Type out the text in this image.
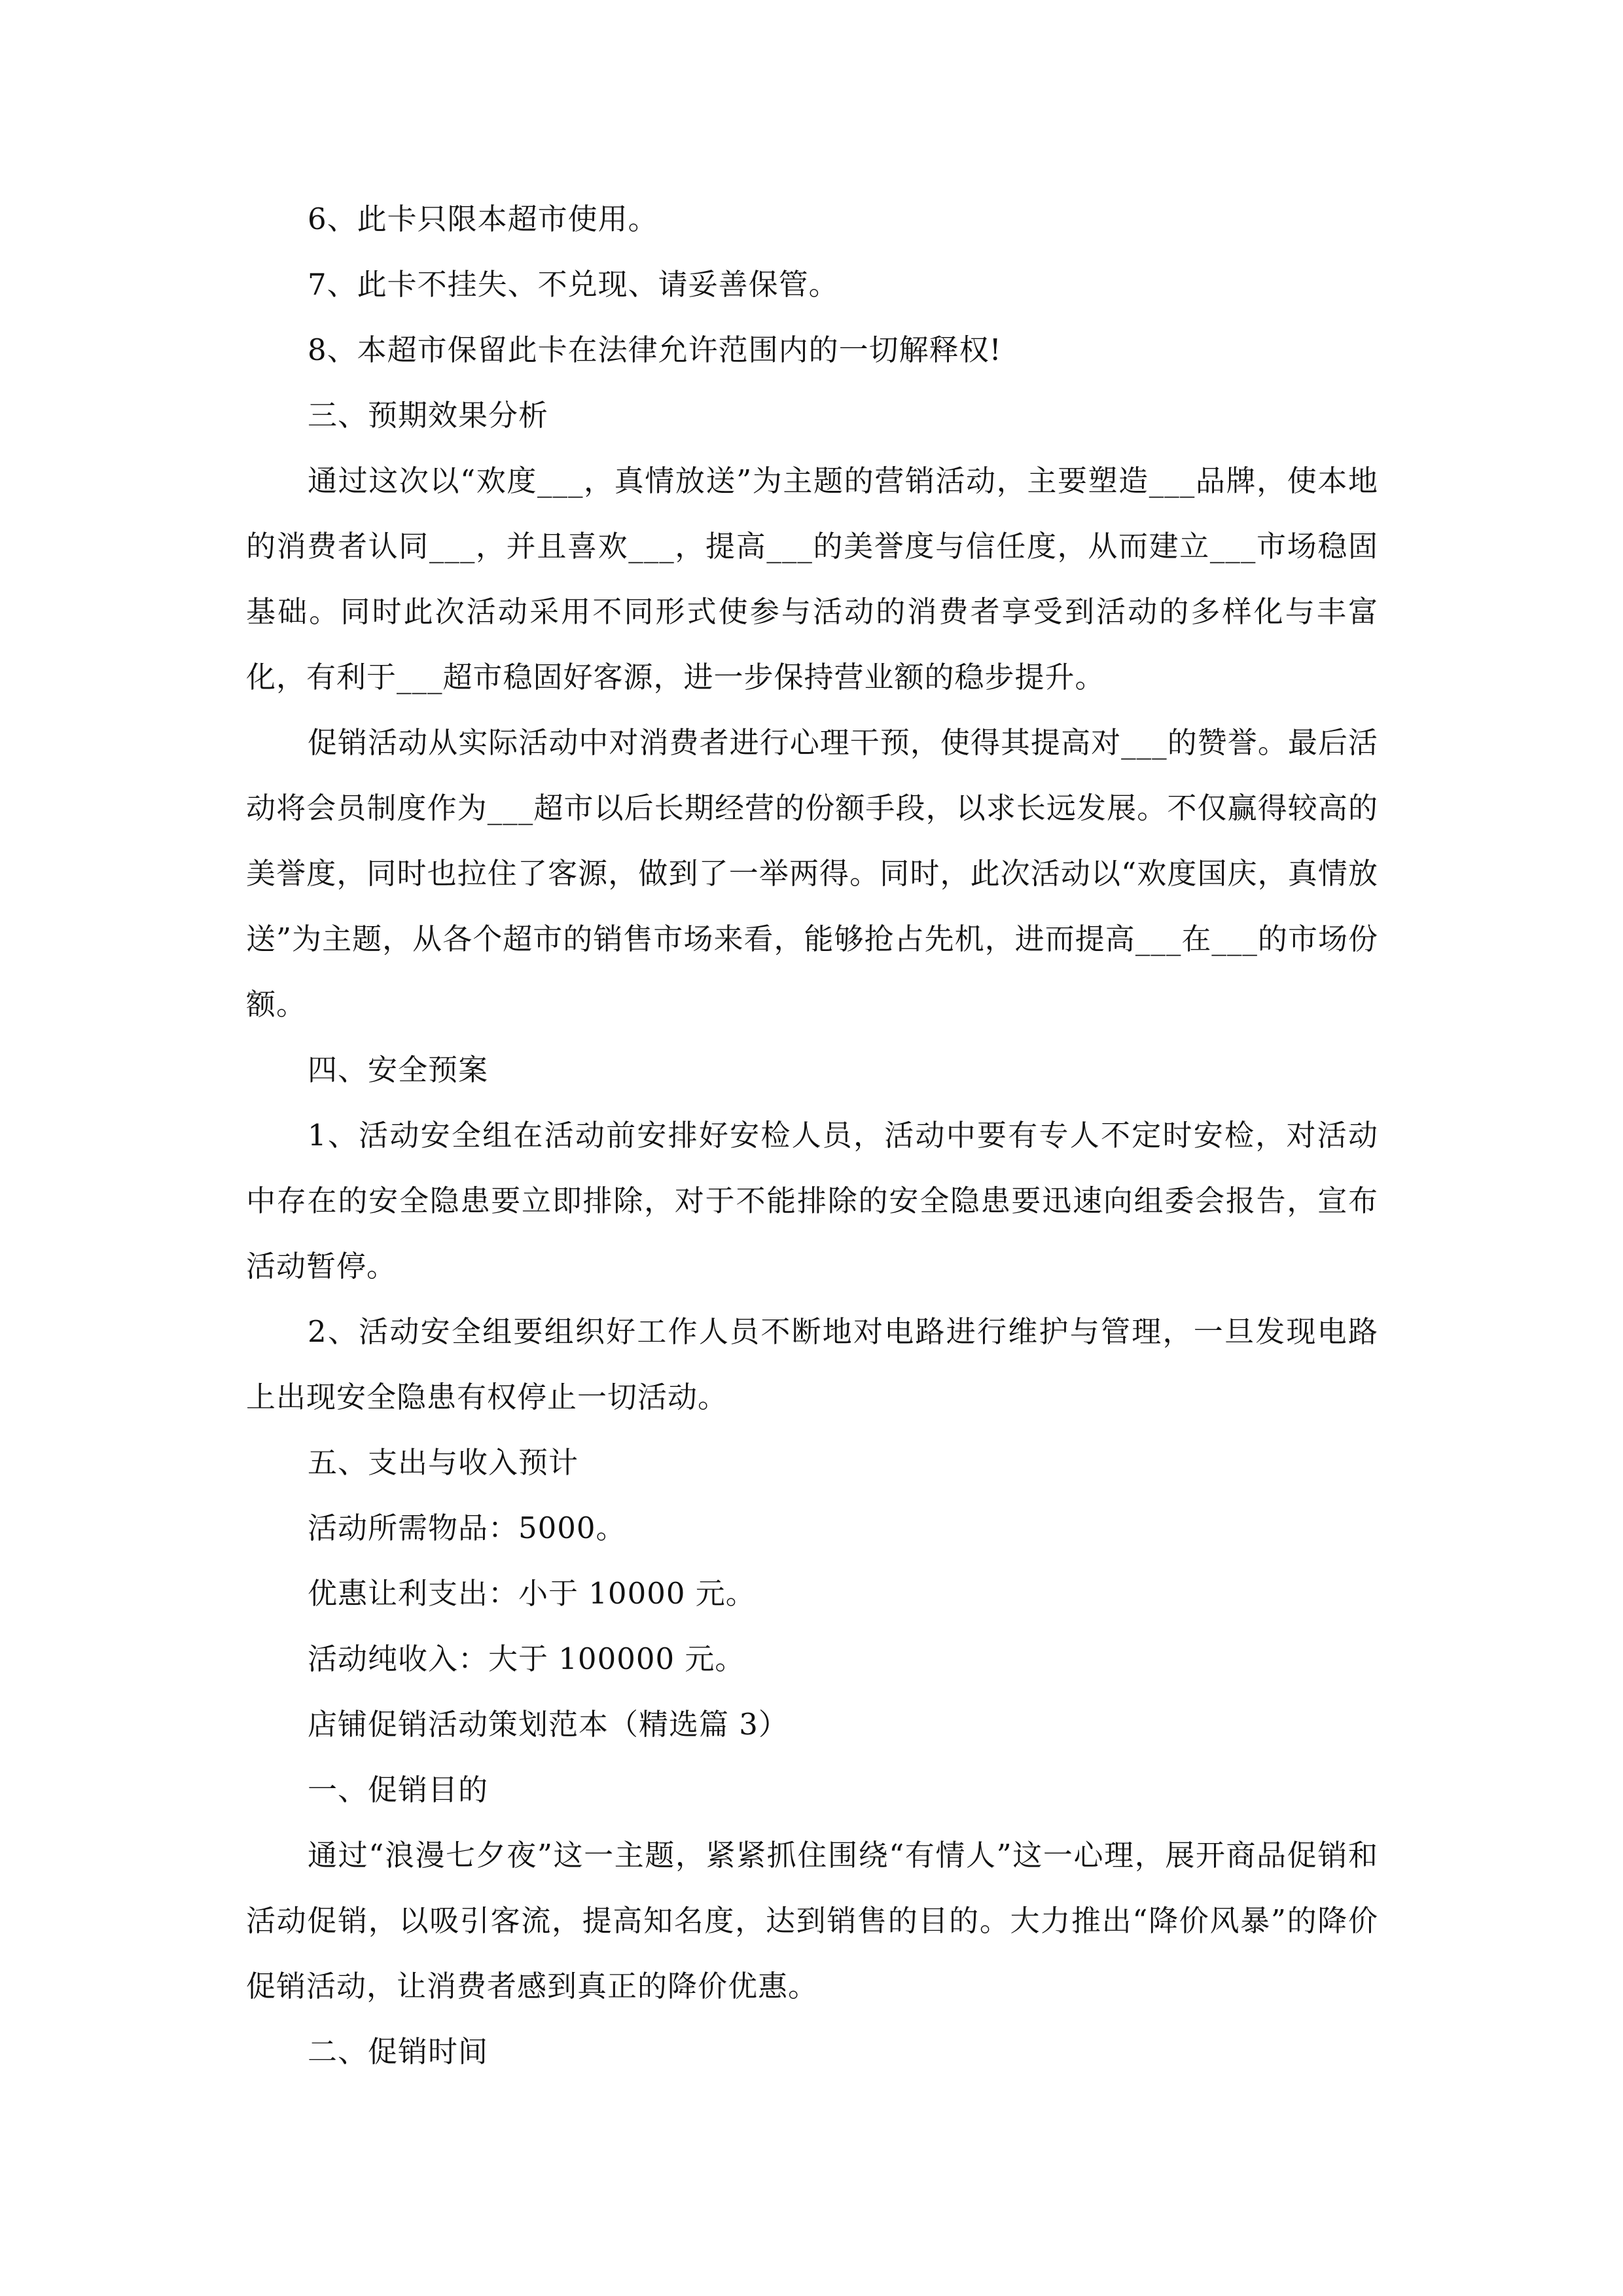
6、此卡只限本超市使用。

7、此卡不挂失、不兑现、请妥善保管。

8、本超市保留此卡在法律允许范围内的一切解释权!

三、预期效果分析

通过这次以“欢度___，真情放送”为主题的营销活动，主要塑造___品牌，使本地的消费者认同___，并且喜欢___，提高___的美誉度与信任度，从而建立___市场稳固基础。同时此次活动采用不同形式使参与活动的消费者享受到活动的多样化与丰富化，有利于___超市稳固好客源，进一步保持营业额的稳步提升。

促销活动从实际活动中对消费者进行心理干预，使得其提高对___的赞誉。最后活动将会员制度作为___超市以后长期经营的份额手段，以求长远发展。不仅赢得较高的美誉度，同时也拉住了客源，做到了一举两得。同时，此次活动以“欢度国庆，真情放送”为主题，从各个超市的销售市场来看，能够抢占先机，进而提高___在___的市场份额。

四、安全预案

1、活动安全组在活动前安排好安检人员，活动中要有专人不定时安检，对活动中存在的安全隐患要立即排除，对于不能排除的安全隐患要迅速向组委会报告，宣布活动暂停。

2、活动安全组要组织好工作人员不断地对电路进行维护与管理，一旦发现电路上出现安全隐患有权停止一切活动。

五、支出与收入预计

活动所需物品：5000。

优惠让利支出：小于 10000 元。

活动纯收入：大于 100000 元。

店铺促销活动策划范本（精选篇 3）

一、促销目的

通过“浪漫七夕夜”这一主题，紧紧抓住围绕“有情人”这一心理，展开商品促销和活动促销，以吸引客流，提高知名度，达到销售的目的。大力推出“降价风暴”的降价促销活动，让消费者感到真正的降价优惠。

二、促销时间
